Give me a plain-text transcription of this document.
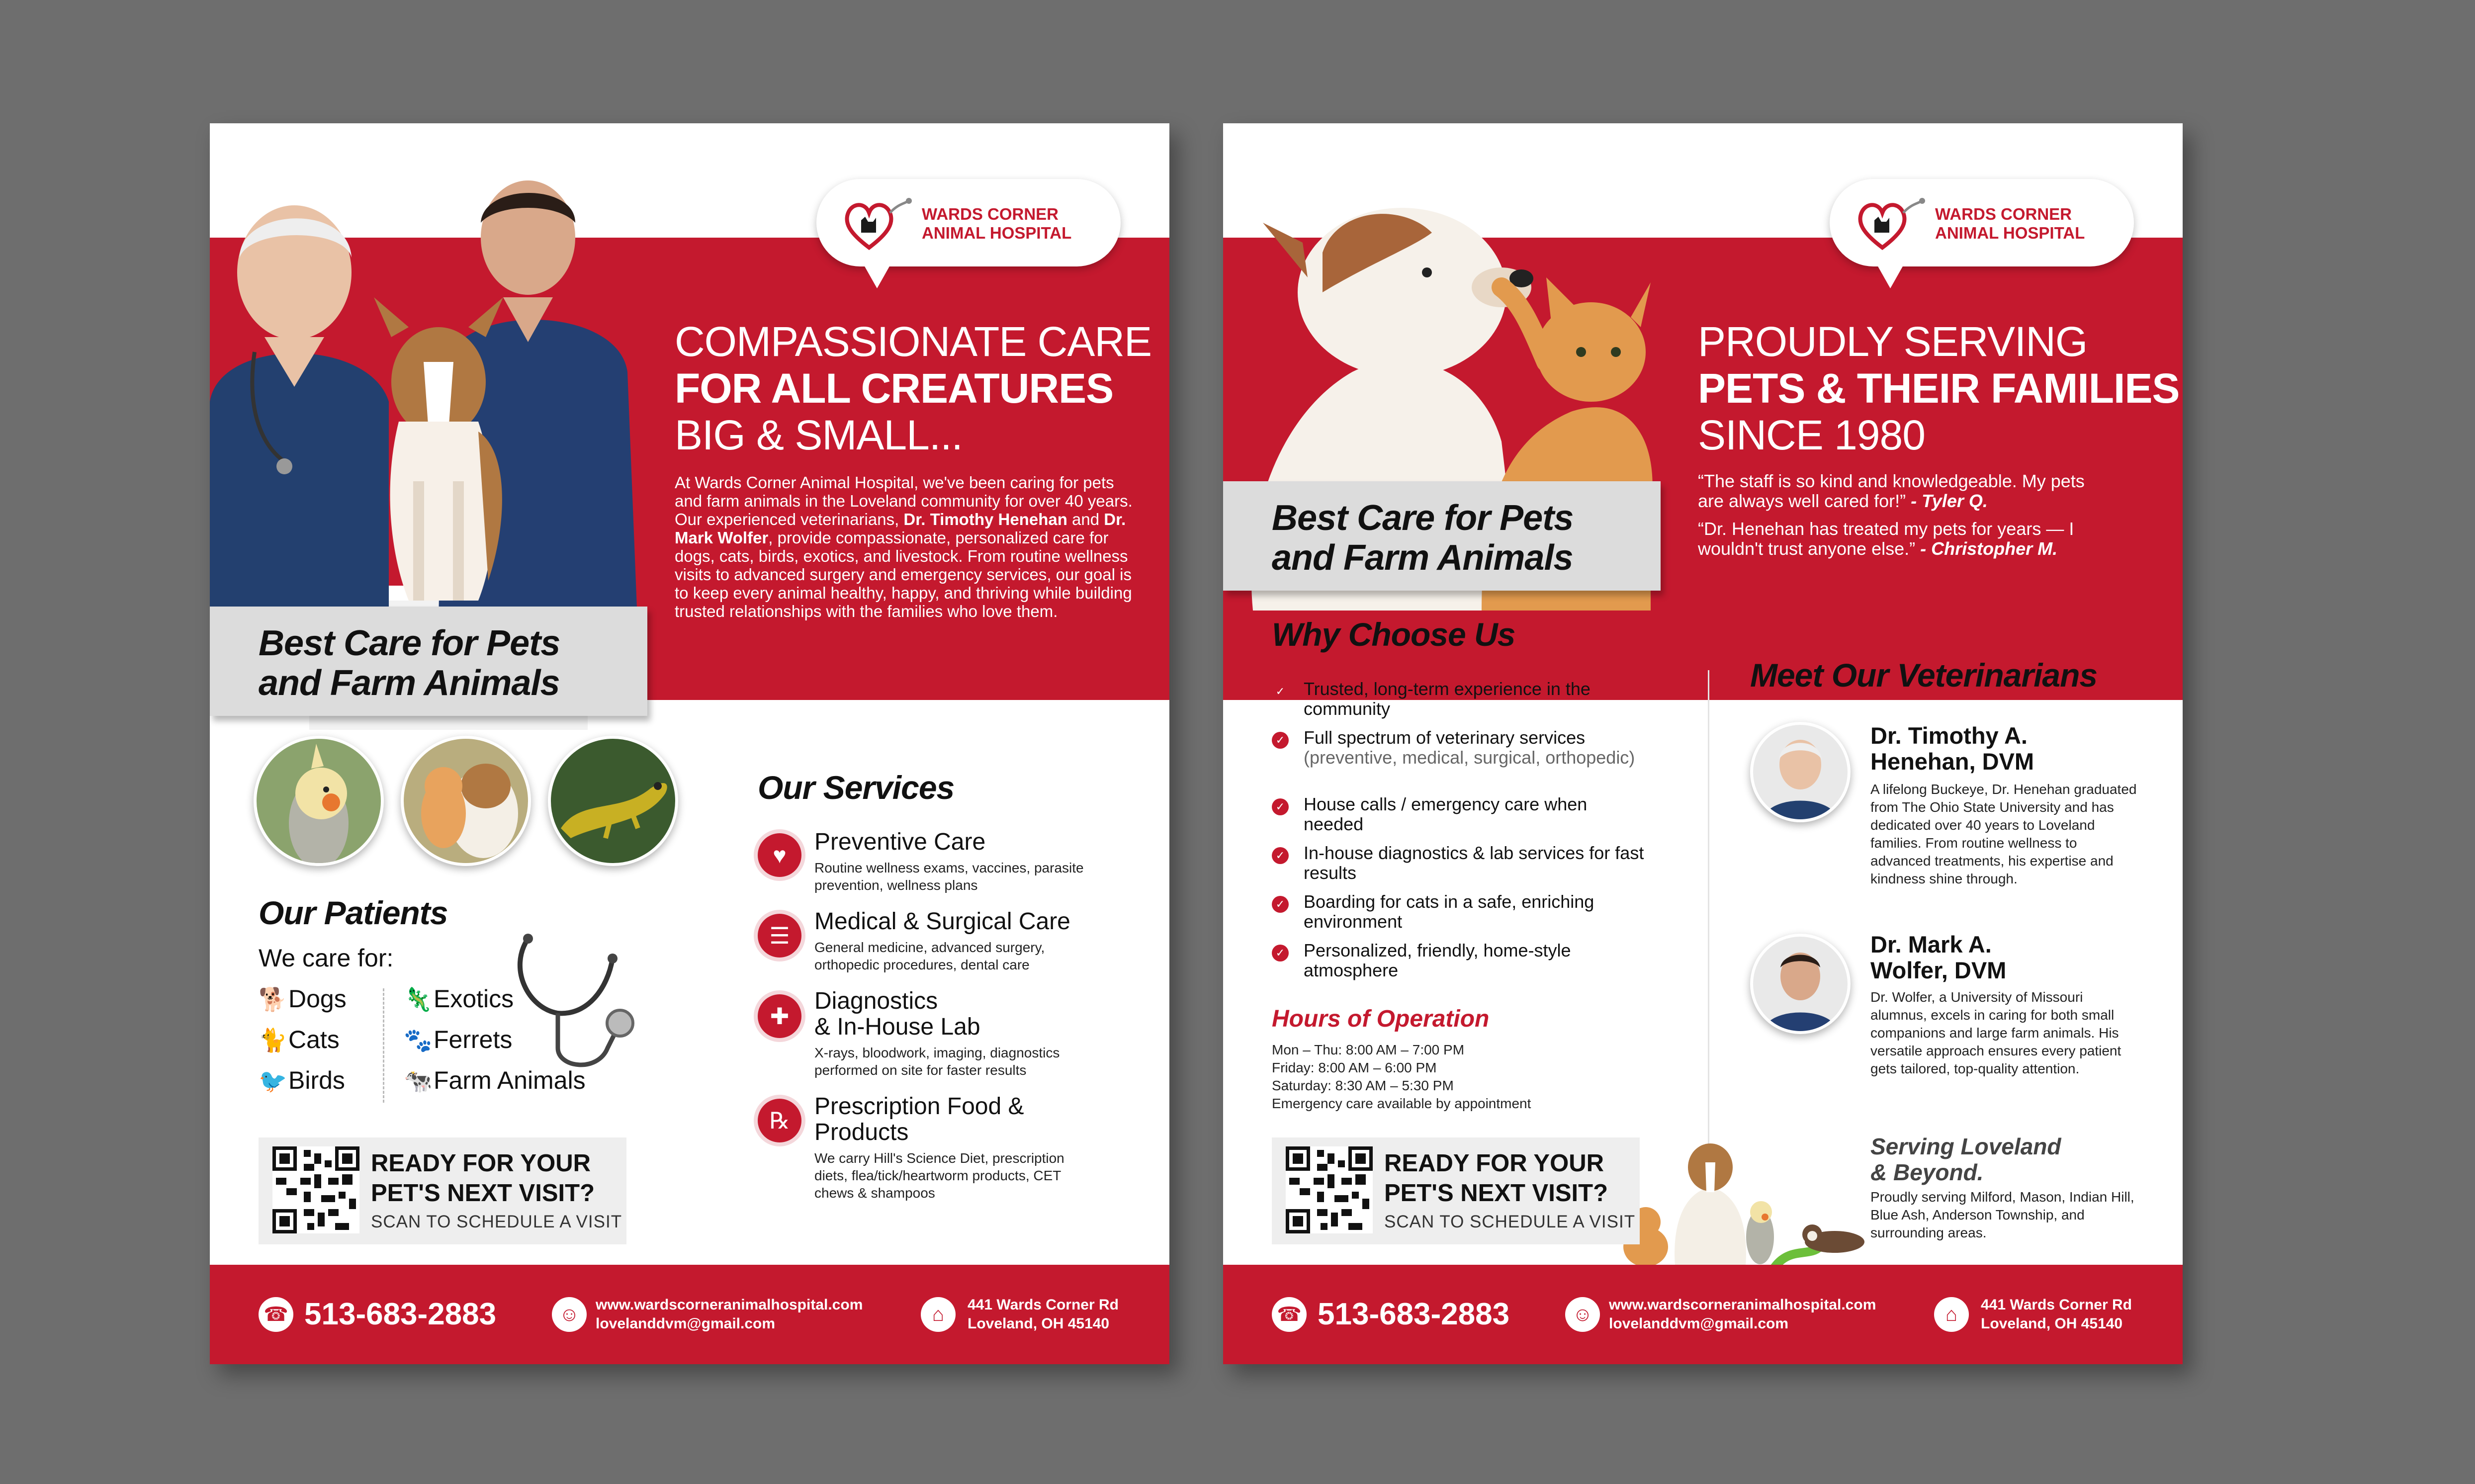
WARDS CORNER
ANIMAL HOSPITAL
COMPASSIONATE CARE
FOR ALL CREATURES
BIG & SMALL...
At Wards Corner Animal Hospital, we've been caring for pets and farm animals in the Loveland community for over 40 years. Our experienced veterinarians, Dr. Timothy Henehan and Dr. Mark Wolfer, provide compassionate, personalized care for dogs, cats, birds, exotics, and livestock. From routine wellness visits to advanced surgery and emergency services, our goal is to keep every animal healthy, happy, and thriving while building trusted relationships with the families who love them.
Best Care for Pets
and Farm Animals
Our Patients
We care for:
🐕Dogs
🐈Cats
🐦Birds
🦎Exotics
🐾Ferrets
🐄Farm Animals
Our Services
♥	Preventive Care
Routine wellness exams, vaccines, parasite prevention, wellness plans
☰
Medical & Surgical Care
General medicine, advanced surgery, orthopedic procedures, dental care
✚
Diagnostics
& In-House Lab
X-rays, bloodwork, imaging, diagnostics performed on site for faster results
℞
Prescription Food &
Products
We carry Hill's Science Diet, prescription diets, flea/tick/heartworm products, CET chews & shampoos
READY FOR YOUR
PET'S NEXT VISIT?
SCAN TO SCHEDULE A VISIT
☎ 513-683-2883	☺	www.wardscorneranimalhospital.com
lovelanddvm@gmail.com	⌂	441 Wards Corner Rd
Loveland, OH 45140
WARDS CORNER
ANIMAL HOSPITAL
PROUDLY SERVING
PETS & THEIR FAMILIES
SINCE 1980
“The staff is so kind and knowledgeable. My pets are always well cared for!” - Tyler Q.
“Dr. Henehan has treated my pets for years — I wouldn't trust anyone else.” - Christopher M.
Best Care for Pets
and Farm Animals
Why Choose Us
✓ Trusted, long-term experience in the community
✓ Full spectrum of veterinary services
(preventive, medical, surgical, orthopedic)
✓ House calls / emergency care when needed
✓ In-house diagnostics & lab services for fast results
✓ Boarding for cats in a safe, enriching environment
✓ Personalized, friendly, home-style atmosphere
Hours of Operation
Mon – Thu: 8:00 AM – 7:00 PM
Friday: 8:00 AM – 6:00 PM
Saturday: 8:30 AM – 5:30 PM
Emergency care available by appointment
Meet Our Veterinarians
Dr. Timothy A.
Henehan, DVM
A lifelong Buckeye, Dr. Henehan graduated from The Ohio State University and has dedicated over 40 years to Loveland families. From routine wellness to advanced treatments, his expertise and kindness shine through.
Dr. Mark A.
Wolfer, DVM
Dr. Wolfer, a University of Missouri alumnus, excels in caring for both small companions and large farm animals. His versatile approach ensures every patient gets tailored, top-quality attention.
Serving Loveland
& Beyond.
Proudly serving Milford, Mason, Indian Hill, Blue Ash, Anderson Township, and surrounding areas.
READY FOR YOUR
PET'S NEXT VISIT?
SCAN TO SCHEDULE A VISIT
☎ 513-683-2883	☺	www.wardscorneranimalhospital.com
lovelanddvm@gmail.com	⌂	441 Wards Corner Rd
Loveland, OH 45140
